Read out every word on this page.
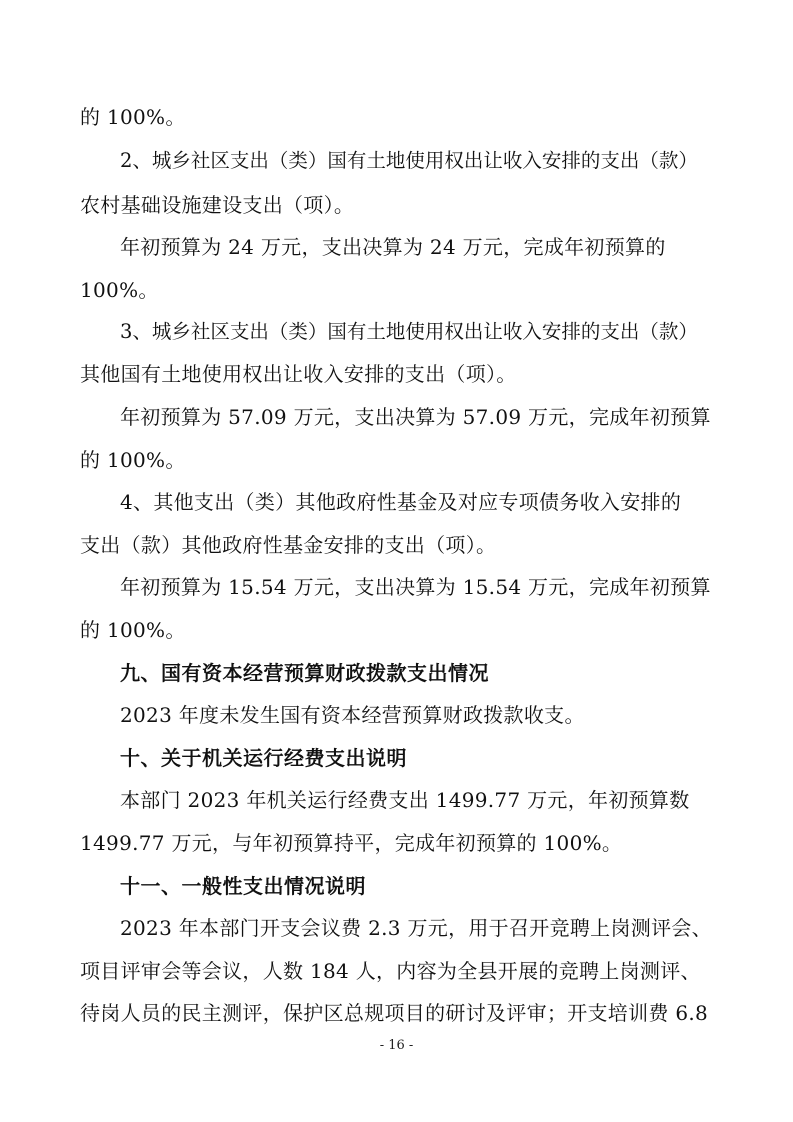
的 100%。
2、城乡社区支出（类）国有土地使用权出让收入安排的支出（款）
农村基础设施建设支出（项）。
年初预算为 24 万元，支出决算为 24 万元，完成年初预算的
100%。
3、城乡社区支出（类）国有土地使用权出让收入安排的支出（款）
其他国有土地使用权出让收入安排的支出（项）。
年初预算为 57.09 万元，支出决算为 57.09 万元，完成年初预算
的 100%。
4、其他支出（类）其他政府性基金及对应专项债务收入安排的
支出（款）其他政府性基金安排的支出（项）。
年初预算为 15.54 万元，支出决算为 15.54 万元，完成年初预算
的 100%。
九、国有资本经营预算财政拨款支出情况
2023 年度未发生国有资本经营预算财政拨款收支。
十、关于机关运行经费支出说明
本部门 2023 年机关运行经费支出 1499.77 万元，年初预算数
1499.77 万元，与年初预算持平，完成年初预算的 100%。
十一、一般性支出情况说明
2023 年本部门开支会议费 2.3 万元，用于召开竞聘上岗测评会、
项目评审会等会议，人数 184 人，内容为全县开展的竞聘上岗测评、
待岗人员的民主测评，保护区总规项目的研讨及评审；开支培训费 6.8
- 16 -
